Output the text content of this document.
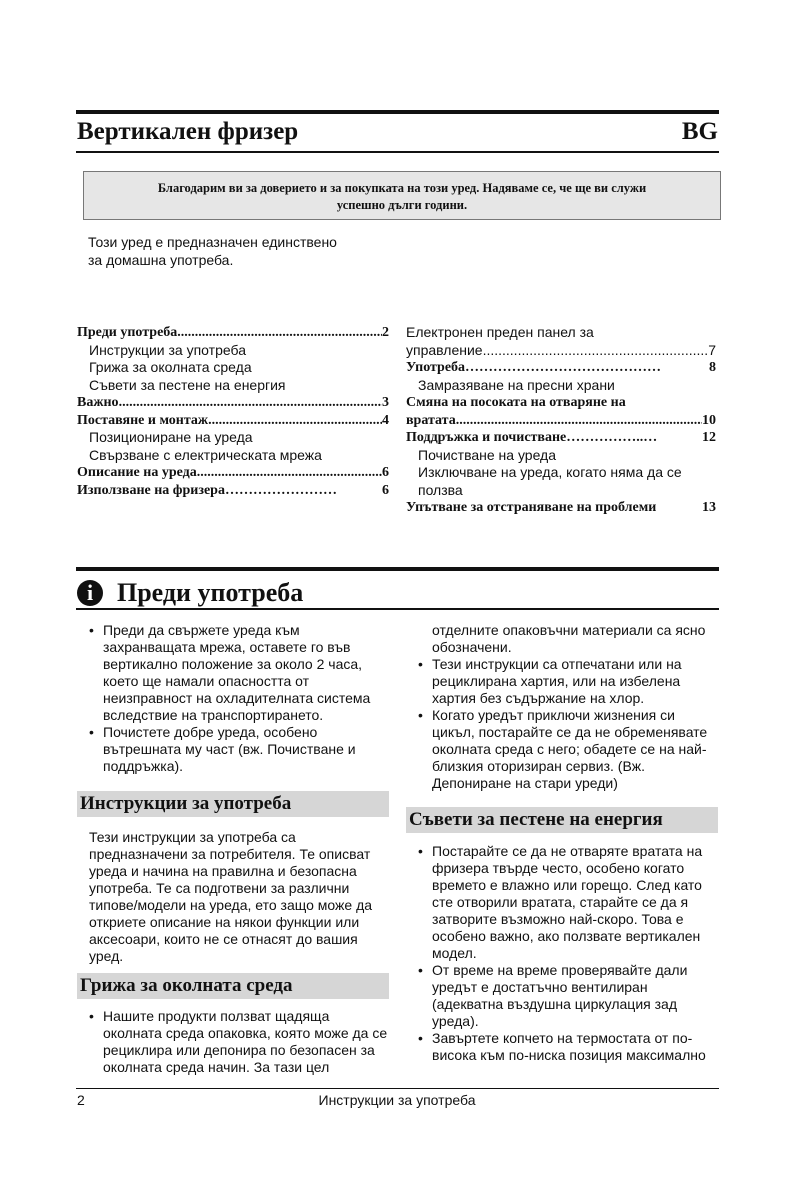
Вертикален фризер	BG
Благодарим ви за доверието и за покупката на този уред. Надяваме се, че ще ви служи
успешно дълги години.
Този уред е предназначен единствено
за домашна употреба.
Преди употреба .....	2
Инструкции за употреба
Грижа за околната среда
Съвети за пестене на енергия
Важно .....	3
Поставяне и монтаж .....	4
Позициониране на уреда
Свързване с електрическата мрежа
Описание на уреда .....	6
Използване на фризера……………………	6
Електронен преден панел за
управление .....	7
Употреба……………………………………	8
Замразяване на пресни храни
Смяна на посоката на отваряне на
вратата .....	10
Поддръжка и почистване……………..…	12
Почистване на уреда
Изключване на уреда, когато няма да се
ползва
Упътване за отстраняване на проблеми	13
i Преди употреба
• Преди да свържете уреда към захранващата мрежа, оставете го във вертикално положение за около 2 часа, което ще намали опасността от неизправност на охладителната система вследствие на транспортирането.
• Почистете добре уреда, особено вътрешната му част (вж. Почистване и поддръжка).
Инструкции за употреба
Тези инструкции за употреба са предназначени за потребителя. Те описват уреда и начина на правилна и безопасна употреба. Те са подготвени за различни типове/модели на уреда, ето защо може да откриете описание на някои функции или аксесоари, които не се отнасят до вашия уред.
Грижа за околната среда
• Нашите продукти ползват щадяща околната среда опаковка, която може да се рециклира или депонира по безопасен за околната среда начин. За тази цел
отделните опаковъчни материали са ясно обозначени.
• Тези инструкции са отпечатани или на рециклирана хартия, или на избелена хартия без съдържание на хлор.
• Когато уредът приключи жизнения си цикъл, постарайте се да не обременявате околната среда с него; обадете се на най-близкия оторизиран сервиз. (Вж. Депониране на стари уреди)
Съвети за пестене на енергия
• Постарайте се да не отваряте вратата на фризера твърде често, особено когато времето е влажно или горещо. След като сте отворили вратата, старайте се да я затворите възможно най-скоро. Това е особено важно, ако ползвате вертикален модел.
• От време на време проверявайте дали уредът е достатъчно вентилиран (адекватна въздушна циркулация зад уреда).
• Завъртете копчето на термостата от по-висока към по-ниска позиция максимално
Инструкции за употреба
2
